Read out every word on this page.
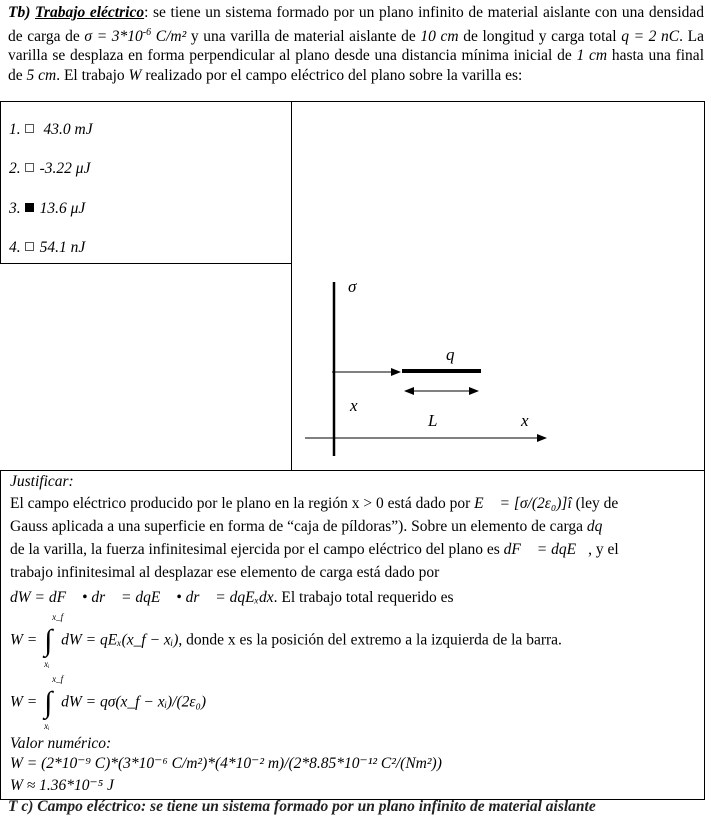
Tb) Trabajo eléctrico: se tiene un sistema formado por un plano infinito de material aislante con una densidad de carga de $\sigma = 3*10^{-6}$ C/m² y una varilla de material aislante de 10 cm de longitud y carga total q = 2 nC. La varilla se desplaza en forma perpendicular al plano desde una distancia mínima inicial de 1 cm hasta una final de 5 cm. El trabajo W realizado por el campo eléctrico del plano sobre la varilla es:
1. 43.0 mJ
2. -3.22 μJ
3. 13.6 μJ
4. 54.1 nJ
σ
x
q
L	x
Justificar:
El campo eléctrico producido por le plano en la región x > 0 está dado por E⃗ = [σ/(2ε₀)]î (ley de
Gauss aplicada a una superficie en forma de “caja de píldoras”). Sobre un elemento de carga dq
de la varilla, la fuerza infinitesimal ejercida por el campo eléctrico del plano es dF⃗ = dqE⃗, y el
trabajo infinitesimal al desplazar ese elemento de carga está dado por
dW = dF⃗ • dr⃗ = dqE⃗ • dr⃗ = dqEₓdx. El trabajo total requerido es
W = ∫
x_f
xᵢ
dW = qEₓ(x_f − xᵢ), donde x es la posición del extremo a la izquierda de la barra.
W = ∫
x_f
xᵢ
dW = qσ(x_f − xᵢ)/(2ε₀)
Valor numérico:
W = (2*10⁻⁹ C)*(3*10⁻⁶ C/m²)*(4*10⁻² m)/(2*8.85*10⁻¹² C²/(Nm²))
W ≈ 1.36*10⁻⁵ J
T c) Campo eléctrico: se tiene un sistema formado por un plano infinito de material aislante
